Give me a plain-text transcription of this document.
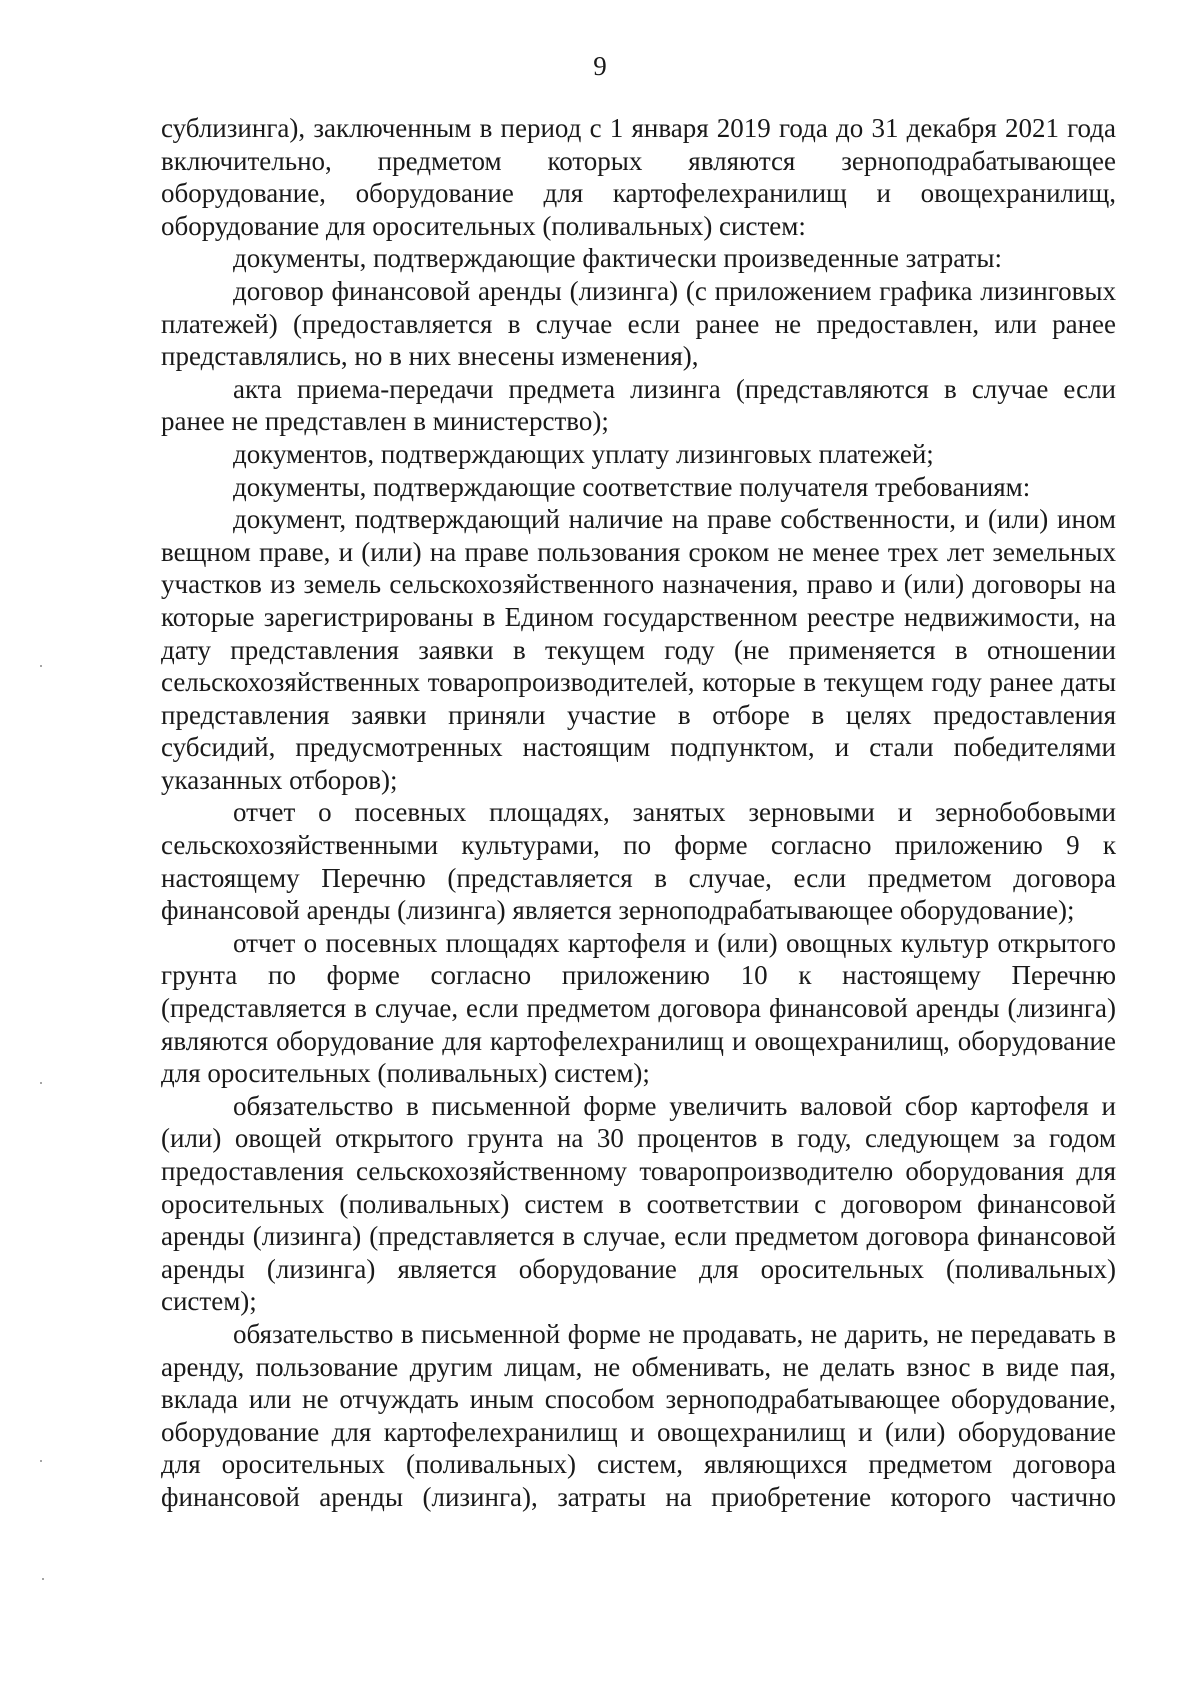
9

сублизинга), заключенным в период с 1 января 2019 года до 31 декабря 2021 года включительно, предметом которых являются зерноподрабатывающее оборудование, оборудование для картофелехранилищ и овощехранилищ, оборудование для оросительных (поливальных) систем:

документы, подтверждающие фактически произведенные затраты:

договор финансовой аренды (лизинга) (с приложением графика лизинговых платежей) (предоставляется в случае если ранее не предоставлен, или ранее представлялись, но в них внесены изменения),

акта приема-передачи предмета лизинга (представляются в случае если ранее не представлен в министерство);

документов, подтверждающих уплату лизинговых платежей;

документы, подтверждающие соответствие получателя требованиям:

документ, подтверждающий наличие на праве собственности, и (или) ином вещном праве, и (или) на праве пользования сроком не менее трех лет земельных участков из земель сельскохозяйственного назначения, право и (или) договоры на которые зарегистрированы в Едином государственном реестре недвижимости, на дату представления заявки в текущем году (не применяется в отношении сельскохозяйственных товаропроизводителей, которые в текущем году ранее даты представления заявки приняли участие в отборе в целях предоставления субсидий, предусмотренных настоящим подпунктом, и стали победителями указанных отборов);

отчет о посевных площадях, занятых зерновыми и зернобобовыми сельскохозяйственными культурами, по форме согласно приложению 9 к настоящему Перечню (представляется в случае, если предметом договора финансовой аренды (лизинга) является зерноподрабатывающее оборудование);

отчет о посевных площадях картофеля и (или) овощных культур открытого грунта по форме согласно приложению 10 к настоящему Перечню (представляется в случае, если предметом договора финансовой аренды (лизинга) являются оборудование для картофелехранилищ и овощехранилищ, оборудование для оросительных (поливальных) систем);

обязательство в письменной форме увеличить валовой сбор картофеля и (или) овощей открытого грунта на 30 процентов в году, следующем за годом предоставления сельскохозяйственному товаропроизводителю оборудования для оросительных (поливальных) систем в соответствии с договором финансовой аренды (лизинга) (представляется в случае, если предметом договора финансовой аренды (лизинга) является оборудование для оросительных (поливальных) систем);

обязательство в письменной форме не продавать, не дарить, не передавать в аренду, пользование другим лицам, не обменивать, не делать взнос в виде пая, вклада или не отчуждать иным способом зерноподрабатывающее оборудование, оборудование для картофелехранилищ и овощехранилищ и (или) оборудование для оросительных (поливальных) систем, являющихся предметом договора финансовой аренды (лизинга), затраты на приобретение которого частично
